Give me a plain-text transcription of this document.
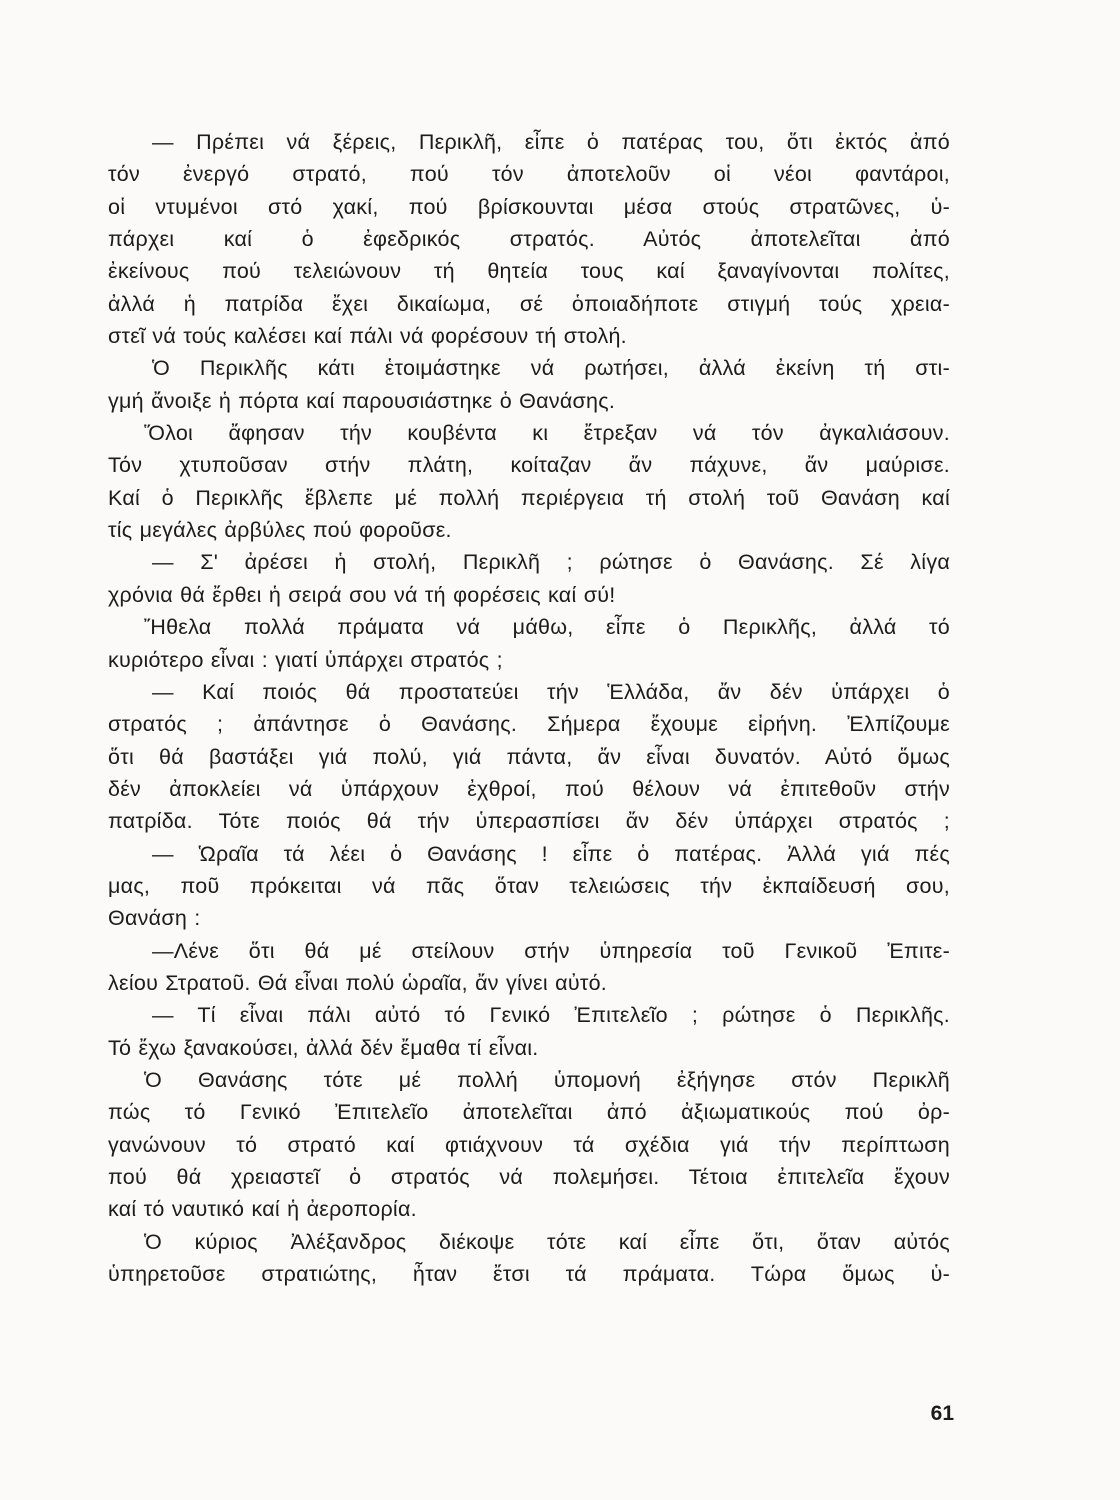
— Πρέπει νά ξέρεις, Περικλῆ, εἶπε ὁ πατέρας του, ὅτι ἐκτός ἀπό
τόν ἐνεργό στρατό, πού τόν ἀποτελοῦν οἱ νέοι φαντάροι,
οἱ ντυμένοι στό χακί, πού βρίσκουνται μέσα στούς στρατῶνες, ὑ-
πάρχει καί ὁ ἐφεδρικός στρατός. Αὐτός ἀποτελεῖται ἀπό
ἐκείνους πού τελειώνουν τή θητεία τους καί ξαναγίνονται πολίτες,
ἀλλά ἡ πατρίδα ἔχει δικαίωμα, σέ ὁποιαδήποτε στιγμή τούς χρεια-
στεῖ νά τούς καλέσει καί πάλι νά φορέσουν τή στολή.
Ὁ Περικλῆς κάτι ἑτοιμάστηκε νά ρωτήσει, ἀλλά ἐκείνη τή στι-
γμή ἄνοιξε ἡ πόρτα καί παρουσιάστηκε ὁ Θανάσης.
Ὅλοι ἄφησαν τήν κουβέντα κι ἔτρεξαν νά τόν ἀγκαλιάσουν.
Τόν χτυποῦσαν στήν πλάτη, κοίταζαν ἄν πάχυνε, ἄν μαύρισε.
Καί ὁ Περικλῆς ἔβλεπε μέ πολλή περιέργεια τή στολή τοῦ Θανάση καί
τίς μεγάλες ἀρβύλες πού φοροῦσε.
— Σ' ἀρέσει ἡ στολή, Περικλῆ ; ρώτησε ὁ Θανάσης. Σέ λίγα
χρόνια θά ἔρθει ἡ σειρά σου νά τή φορέσεις καί σύ!
Ἤθελα πολλά πράματα νά μάθω, εἶπε ὁ Περικλῆς, ἀλλά τό
κυριότερο εἶναι : γιατί ὑπάρχει στρατός ;
— Καί ποιός θά προστατεύει τήν Ἑλλάδα, ἄν δέν ὑπάρχει ὁ
στρατός ; ἀπάντησε ὁ Θανάσης. Σήμερα ἔχουμε εἰρήνη. Ἐλπίζουμε
ὅτι θά βαστάξει γιά πολύ, γιά πάντα, ἄν εἶναι δυνατόν. Αὐτό ὅμως
δέν ἀποκλείει νά ὑπάρχουν ἐχθροί, πού θέλουν νά ἐπιτεθοῦν στήν
πατρίδα. Τότε ποιός θά τήν ὑπερασπίσει ἄν δέν ὑπάρχει στρατός ;
— Ὡραῖα τά λέει ὁ Θανάσης ! εἶπε ὁ πατέρας. Ἀλλά γιά πές
μας, ποῦ πρόκειται νά πᾶς ὅταν τελειώσεις τήν ἐκπαίδευσή σου,
Θανάση :
—Λένε ὅτι θά μέ στείλουν στήν ὑπηρεσία τοῦ Γενικοῦ Ἐπιτε-
λείου Στρατοῦ. Θά εἶναι πολύ ὡραῖα, ἄν γίνει αὐτό.
— Τί εἶναι πάλι αὐτό τό Γενικό Ἐπιτελεῖο ; ρώτησε ὁ Περικλῆς.
Τό ἔχω ξανακούσει, ἀλλά δέν ἔμαθα τί εἶναι.
Ὁ Θανάσης τότε μέ πολλή ὑπομονή ἐξήγησε στόν Περικλῆ
πώς τό Γενικό Ἐπιτελεῖο ἀποτελεῖται ἀπό ἀξιωματικούς πού ὀρ-
γανώνουν τό στρατό καί φτιάχνουν τά σχέδια γιά τήν περίπτωση
πού θά χρειαστεῖ ὁ στρατός νά πολεμήσει. Τέτοια ἐπιτελεῖα ἔχουν
καί τό ναυτικό καί ἡ ἀεροπορία.
Ὁ κύριος Ἀλέξανδρος διέκοψε τότε καί εἶπε ὅτι, ὅταν αὐτός
ὑπηρετοῦσε στρατιώτης, ἦταν ἔτσι τά πράματα. Τώρα ὅμως ὑ-
61
